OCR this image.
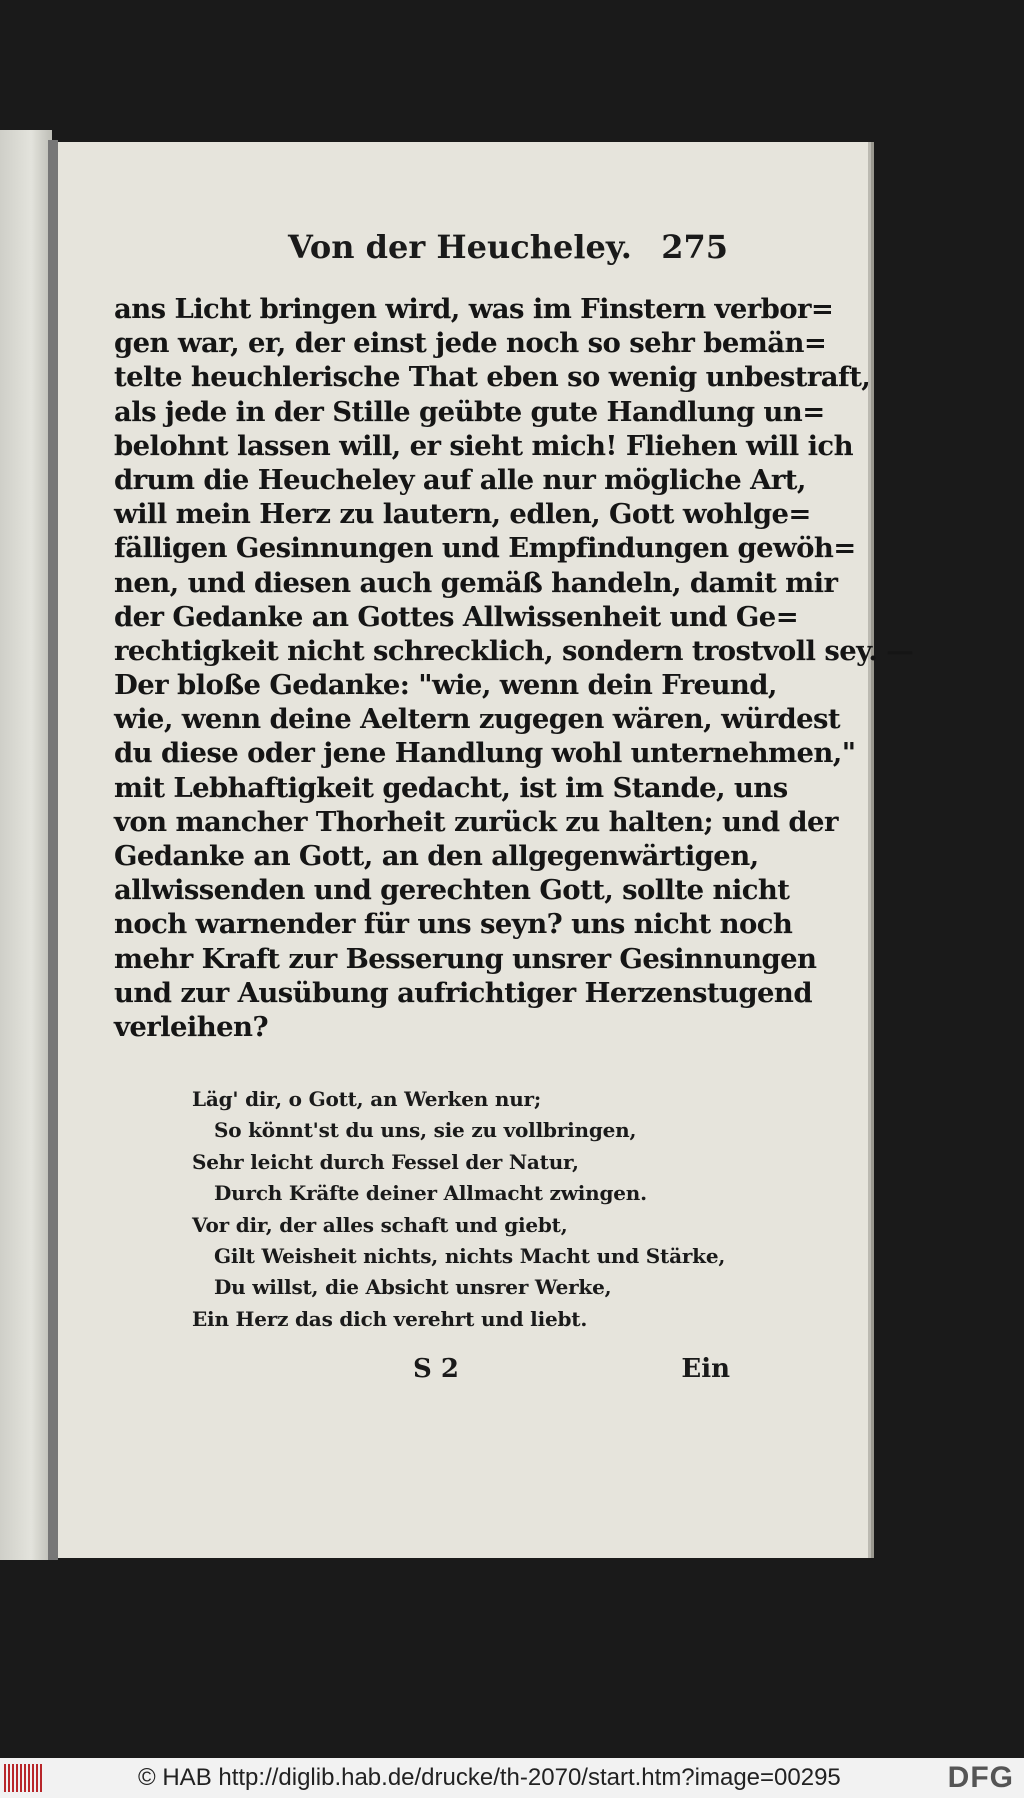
Von der Heucheley. 275
ans Licht bringen wird, was im Finstern verbor=
gen war, er, der einst jede noch so sehr bemän=
telte heuchlerische That eben so wenig unbestraft,
als jede in der Stille geübte gute Handlung un=
belohnt lassen will, er sieht mich! Fliehen will ich
drum die Heucheley auf alle nur mögliche Art,
will mein Herz zu lautern, edlen, Gott wohlge=
fälligen Gesinnungen und Empfindungen gewöh=
nen, und diesen auch gemäß handeln, damit mir
der Gedanke an Gottes Allwissenheit und Ge=
rechtigkeit nicht schrecklich, sondern trostvoll sey. —
Der bloße Gedanke: "wie, wenn dein Freund,
wie, wenn deine Aeltern zugegen wären, würdest
du diese oder jene Handlung wohl unternehmen,"
mit Lebhaftigkeit gedacht, ist im Stande, uns
von mancher Thorheit zurück zu halten; und der
Gedanke an Gott, an den allgegenwärtigen,
allwissenden und gerechten Gott, sollte nicht
noch warnender für uns seyn? uns nicht noch
mehr Kraft zur Besserung unsrer Gesinnungen
und zur Ausübung aufrichtiger Herzenstugend
verleihen?
Läg' dir, o Gott, an Werken nur;
So könnt'st du uns, sie zu vollbringen,
Sehr leicht durch Fessel der Natur,
Durch Kräfte deiner Allmacht zwingen.
Vor dir, der alles schaft und giebt,
Gilt Weisheit nichts, nichts Macht und Stärke,
Du willst, die Absicht unsrer Werke,
Ein Herz das dich verehrt und liebt.
S 2	Ein
© HAB http://diglib.hab.de/drucke/th-2070/start.htm?image=00295	DFG
